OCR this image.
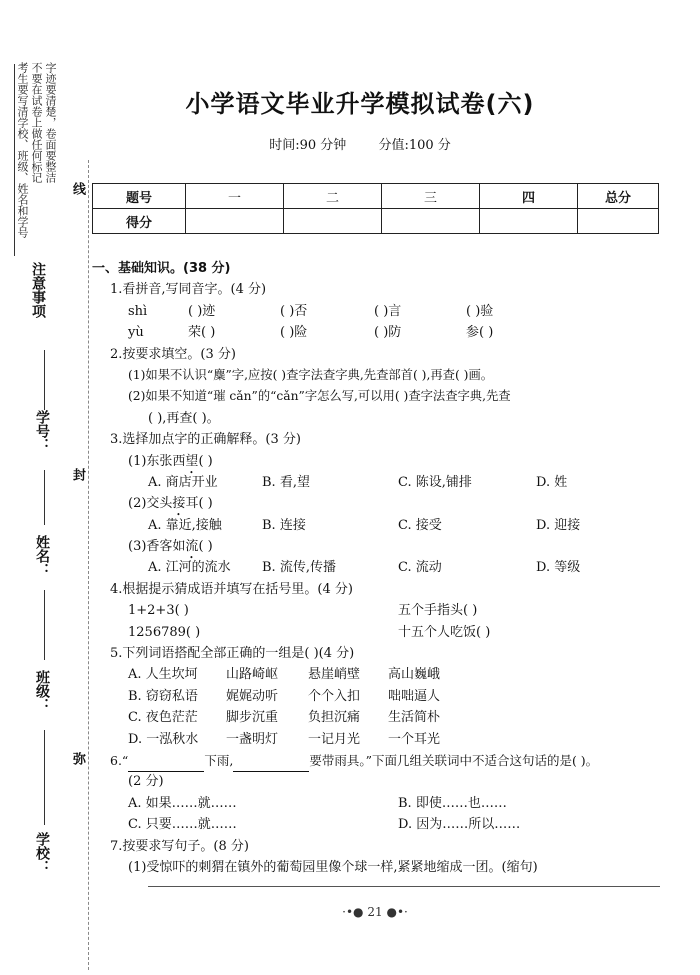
考生要写清学校、班级、姓名和学号 不要在试卷上做任何标记 字迹要清楚，卷面要整洁
注意事项
学号：
姓名：
班级：
学校：
线
封
弥
小学语文毕业升学模拟试卷(六)
时间:90 分钟 分值:100 分
题号	一	二	三	四	总分
得分					
一、基础知识。(38 分)
1.看拼音,写同音字。(4 分)
shì	( )迹	( )否	( )言	( )验
yù	荣( )	( )险	( )防	参( )
2.按要求填空。(3 分)
(1)如果不认识“麋”字,应按( )查字法查字典,先查部首( ),再查( )画。
(2)如果不知道“璀 cǎn”的“cǎn”字怎么写,可以用( )查字法查字典,先查
( ),再查( )。
3.选择加点字的正确解释。(3 分)
(1)东张西望( )
A. 商店开业	B. 看,望	C. 陈设,铺排	D. 姓
(2)交头接耳( )
A. 靠近,接触	B. 连接	C. 接受	D. 迎接
(3)香客如流( )
A. 江河的流水 B. 流传,传播	C. 流动	D. 等级
4.根据提示猜成语并填写在括号里。(4 分)
1+2+3( )	五个手指头( )
1256789( )	十五个人吃饭( )
5.下列词语搭配全部正确的一组是( )(4 分)
A. 人生坎坷 山路崎岖 悬崖峭壁 高山巍峨
B. 窃窃私语 娓娓动听 个个入扣 咄咄逼人
C. 夜色茫茫 脚步沉重 负担沉痛 生活简朴
D. 一泓秋水 一盏明灯 一记月光 一个耳光
6.“	下雨,	要带雨具。”下面几组关联词中不适合这句话的是( )。
(2 分)
A. 如果……就……	B. 即使……也……
C. 只要……就……	D. 因为……所以……
7.按要求写句子。(8 分)
(1)受惊吓的刺猬在镇外的葡萄园里像个球一样,紧紧地缩成一团。(缩句)
·•● 21 ●•·
